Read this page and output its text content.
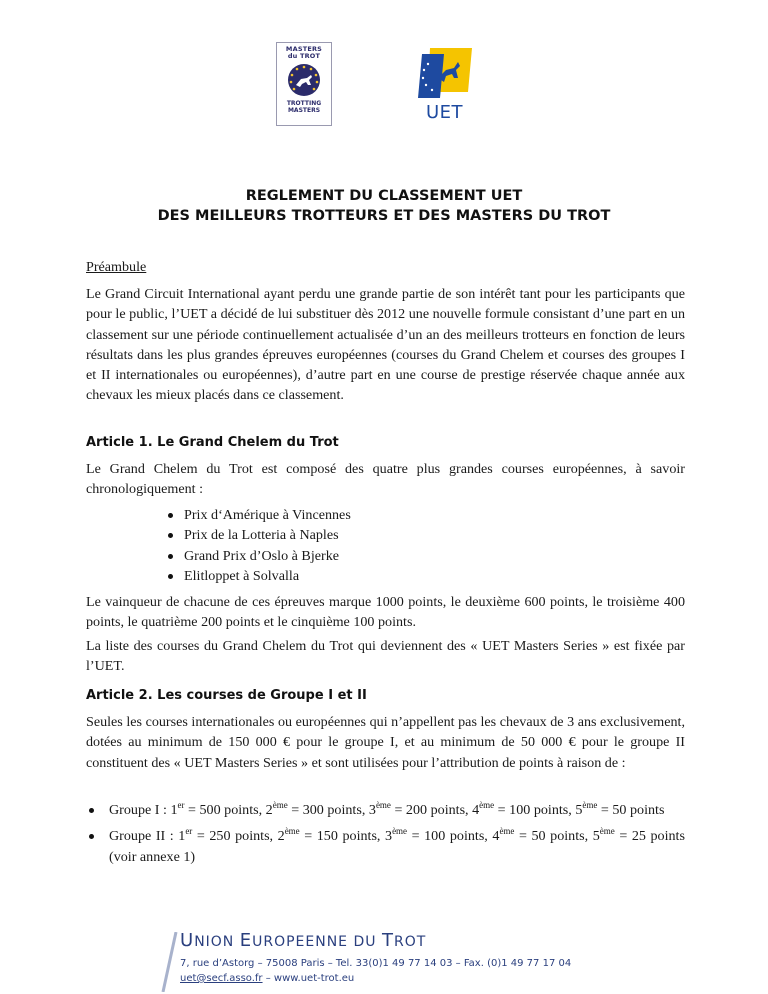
MASTERS
du TROT
TROTTING
MASTERS	UET
REGLEMENT DU CLASSEMENT UET
DES MEILLEURS TROTTEURS ET DES MASTERS DU TROT
Préambule

Le Grand Circuit International ayant perdu une grande partie de son intérêt tant pour les participants que pour le public, l’UET a décidé de lui substituer dès 2012 une nouvelle formule consistant d’une part en un classement sur une période continuellement actualisée d’un an des meilleurs trotteurs en fonction de leurs résultats dans les plus grandes épreuves européennes (courses du Grand Chelem et courses des groupes I et II internationales ou européennes), d’autre part en une course de prestige réservée chaque année aux chevaux les mieux placés dans ce classement.

Article 1. Le Grand Chelem du Trot

Le Grand Chelem du Trot est composé des quatre plus grandes courses européennes, à savoir chronologiquement :

Prix d‘Amérique à Vincennes
Prix de la Lotteria à Naples
Grand Prix d’Oslo à Bjerke
Elitloppet à Solvalla

Le vainqueur de chacune de ces épreuves marque 1000 points, le deuxième 600 points, le troisième 400 points, le quatrième 200 points et le cinquième 100 points.

La liste des courses du Grand Chelem du Trot qui deviennent des « UET Masters Series » est fixée par l’UET.

Article 2. Les courses de Groupe I et II

Seules les courses internationales ou européennes qui n’appellent pas les chevaux de 3 ans exclusivement, dotées au minimum de 150 000 € pour le groupe I, et au minimum de 50 000 € pour le groupe II constituent des « UET Masters Series » et sont utilisées pour l’attribution de points à raison de :

Groupe I : 1er = 500 points, 2ème = 300 points, 3ème = 200 points, 4ème = 100 points, 5ème = 50 points
Groupe II : 1er = 250 points, 2ème = 150 points, 3ème = 100 points, 4ème = 50 points, 5ème = 25 points (voir annexe 1)
UNION EUROPEENNE DU TROT
7, rue d’Astorg – 75008 Paris – Tel. 33(0)1 49 77 14 03 – Fax. (0)1 49 77 17 04
uet@secf.asso.fr – www.uet-trot.eu
